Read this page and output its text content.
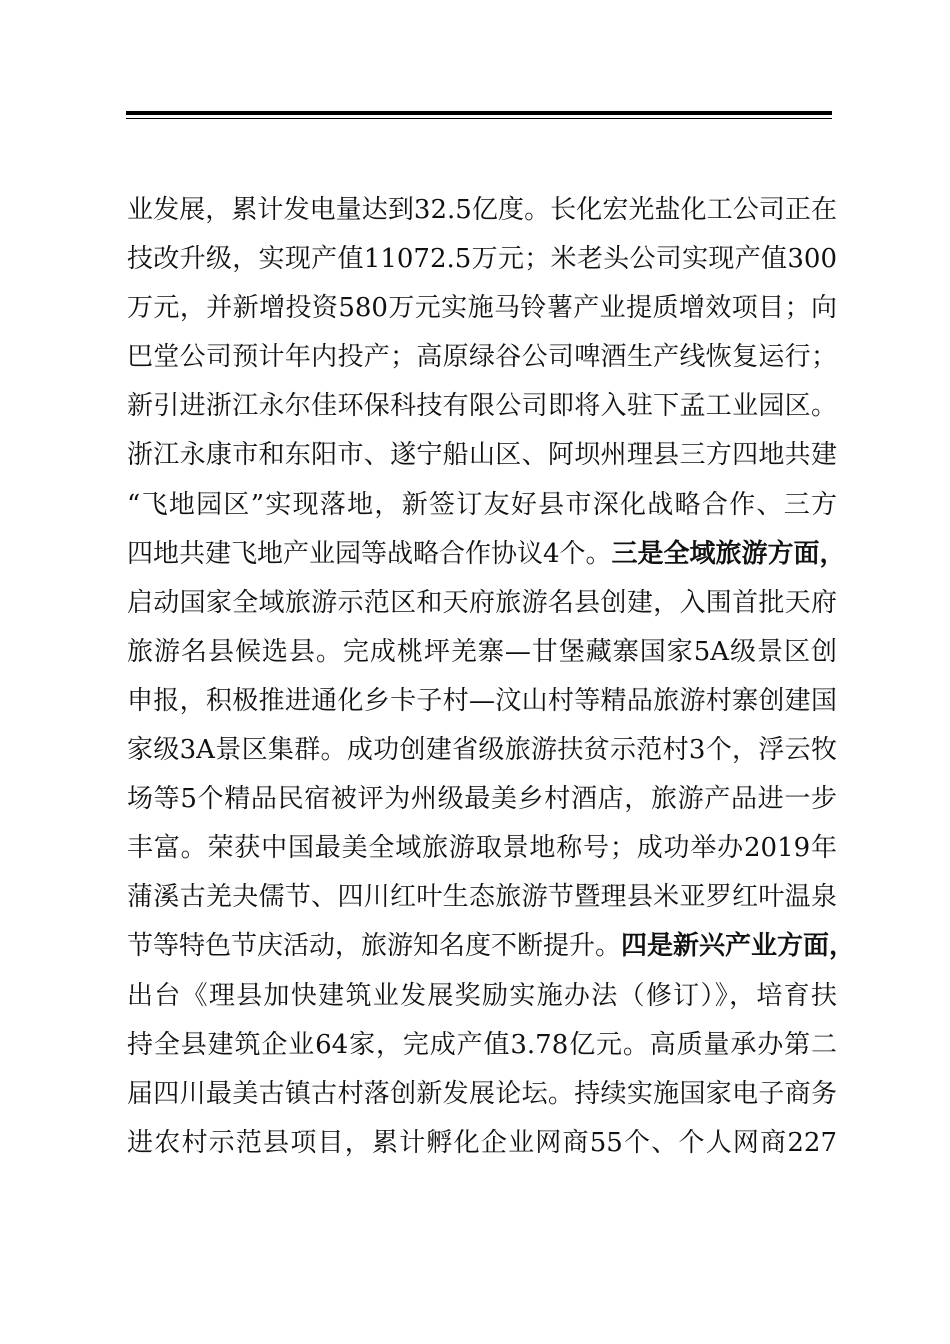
业发展，累计发电量达到32.5亿度。长化宏光盐化工公司正在
技改升级，实现产值11072.5万元；米老头公司实现产值300
万元，并新增投资580万元实施马铃薯产业提质增效项目；向
巴堂公司预计年内投产；高原绿谷公司啤酒生产线恢复运行；
新引进浙江永尔佳环保科技有限公司即将入驻下孟工业园区。
浙江永康市和东阳市、遂宁船山区、阿坝州理县三方四地共建
“飞地园区”实现落地，新签订友好县市深化战略合作、三方
四地共建飞地产业园等战略合作协议4个。三是全域旅游方面，
启动国家全域旅游示范区和天府旅游名县创建，入围首批天府
旅游名县候选县。完成桃坪羌寨—甘堡藏寨国家5A级景区创
申报，积极推进通化乡卡子村—汶山村等精品旅游村寨创建国
家级3A景区集群。成功创建省级旅游扶贫示范村3个，浮云牧
场等5个精品民宿被评为州级最美乡村酒店，旅游产品进一步
丰富。荣获中国最美全域旅游取景地称号；成功举办2019年
蒲溪古羌夬儒节、四川红叶生态旅游节暨理县米亚罗红叶温泉
节等特色节庆活动，旅游知名度不断提升。四是新兴产业方面，
出台《理县加快建筑业发展奖励实施办法（修订）》，培育扶
持全县建筑企业64家，完成产值3.78亿元。高质量承办第二
届四川最美古镇古村落创新发展论坛。持续实施国家电子商务
进农村示范县项目，累计孵化企业网商55个、个人网商227
